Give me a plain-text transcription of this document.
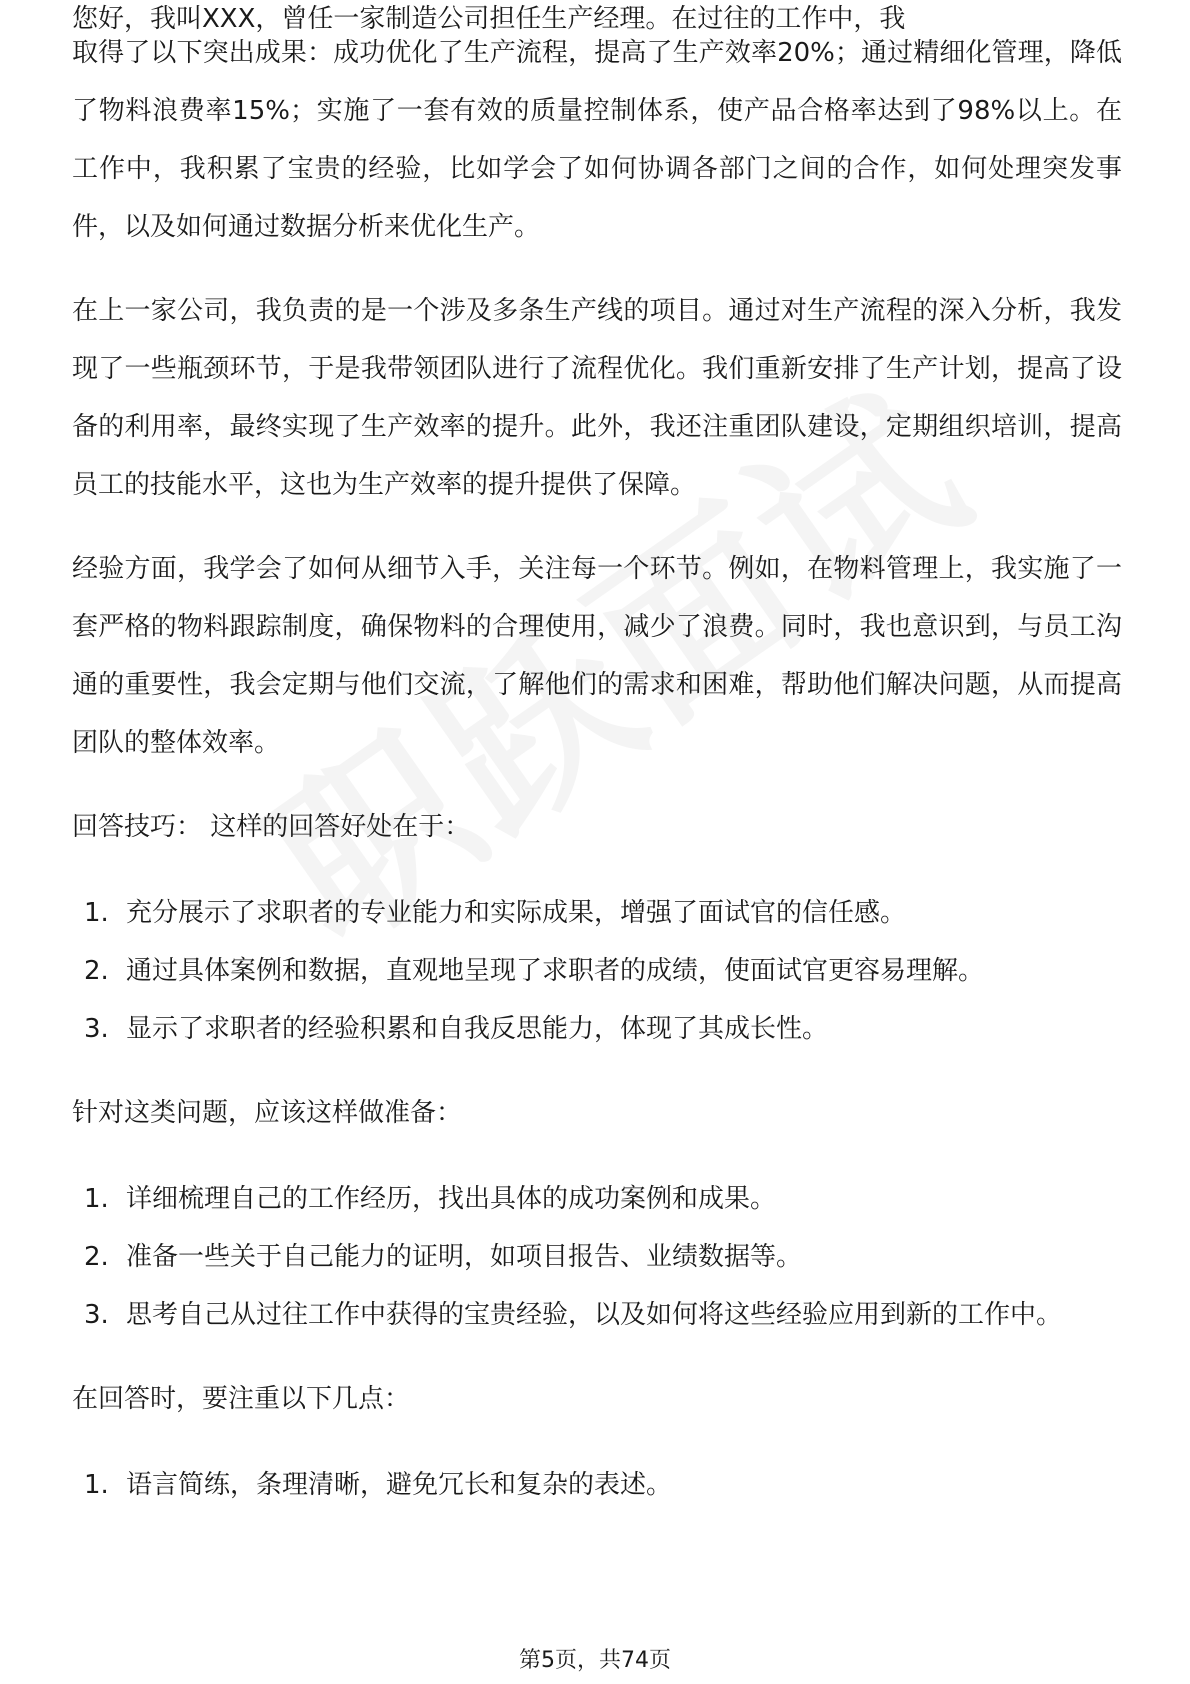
您好，我叫XXX，曾任一家制造公司担任生产经理。在过往的工作中，我

取得了以下突出成果：成功优化了生产流程，提高了生产效率20%；通过精细化管理，降低了物料浪费率15%；实施了一套有效的质量控制体系，使产品合格率达到了98%以上。在工作中，我积累了宝贵的经验，比如学会了如何协调各部门之间的合作，如何处理突发事件，以及如何通过数据分析来优化生产。

在上一家公司，我负责的是一个涉及多条生产线的项目。通过对生产流程的深入分析，我发现了一些瓶颈环节，于是我带领团队进行了流程优化。我们重新安排了生产计划，提高了设备的利用率，最终实现了生产效率的提升。此外，我还注重团队建设，定期组织培训，提高员工的技能水平，这也为生产效率的提升提供了保障。

经验方面，我学会了如何从细节入手，关注每一个环节。例如，在物料管理上，我实施了一套严格的物料跟踪制度，确保物料的合理使用，减少了浪费。同时，我也意识到，与员工沟通的重要性，我会定期与他们交流，了解他们的需求和困难，帮助他们解决问题，从而提高团队的整体效率。

回答技巧： 这样的回答好处在于：

1. 充分展示了求职者的专业能力和实际成果，增强了面试官的信任感。
2. 通过具体案例和数据，直观地呈现了求职者的成绩，使面试官更容易理解。
3. 显示了求职者的经验积累和自我反思能力，体现了其成长性。

针对这类问题，应该这样做准备：

1. 详细梳理自己的工作经历，找出具体的成功案例和成果。
2. 准备一些关于自己能力的证明，如项目报告、业绩数据等。
3. 思考自己从过往工作中获得的宝贵经验，以及如何将这些经验应用到新的工作中。

在回答时，要注重以下几点：

1. 语言简练，条理清晰，避免冗长和复杂的表述。
第5页，共74页
